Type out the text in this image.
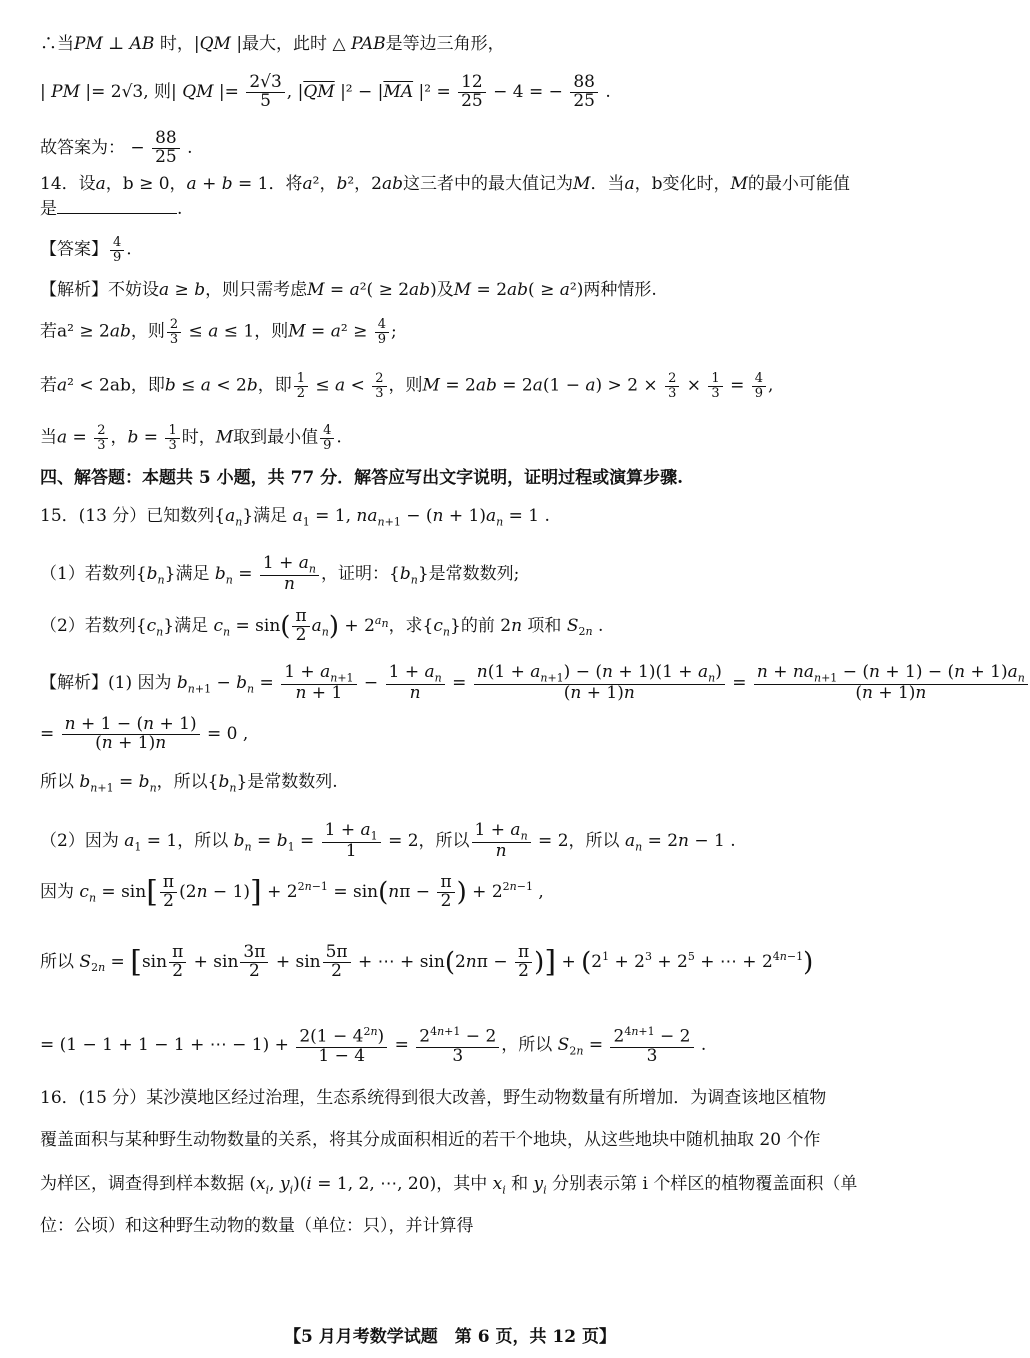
∴当PM ⊥ AB 时，|QM |最大，此时 △ PAB是等边三角形，
| PM |= 2√3, 则| QM |= $\frac{2√3}{5}$ , $|\overline{QM}$ $|^2 - |\overline{MA}$ $|^2 = \frac{12}{25} - 4$ = − $\frac{88}{25}$ .
故答案为： − $\frac{88}{25}$ .
14．设a，b ≥ 0，a + b = 1．将a²，b²，2ab这三者中的最大值记为M．当a，b变化时，M的最小可能值
是	.
【答案】 $\frac{4}{9}$ .
【解析】不妨设a ≥ b，则只需考虑M = a²( ≥ 2ab)及M = 2ab( ≥ a²)两种情形.
若a² ≥ 2ab，则 $\frac{2}{3} \le a \le 1$，则$M = a^2 \ge \frac{4}{9}$ ;
若a² < 2ab，即b ≤ a < 2b，即 $\frac{1}{2} \le a < \frac{2}{3}$ ，则$M = 2ab = 2a(1 - a) > 2 \times \frac{2}{3} \times \frac{1}{3} = \frac{4}{9}$ ,
当$a = \frac{2}{3}$ ，$b = \frac{1}{3}$ 时，M取到最小值 $\frac{4}{9}$ .
四、解答题：本题共 5 小题，共 77 分．解答应写出文字说明，证明过程或演算步骤.
15．(13 分）已知数列$\{a_n\}$满足 $a_1 = 1$, $na_{n+1} - (n + 1)a_n = 1$ .
（1）若数列$\{b_n\}$满足 $b_n = \frac{1 + a_n}{n}$ ，证明：$\{b_n\}$是常数数列;
（2）若数列$\{c_n\}$满足 $c_n = \sin( \frac{\pi}{2} a_n) + 2^{a_n}$，求$\{c_n\}$的前 2n 项和 $S_{2n}$ .
【解析】(1) 因为 $b_{n+1} - b_n = \frac{1 + a_{n+1}}{n + 1} - \frac{1 + a_n}{n} = \frac{n(1 + a_{n+1}) - (n + 1)(1 + a_n)}{(n + 1)n} = \frac{n + na_{n+1} - (n + 1) - (n + 1)a_n}{(n + 1)n}$
= $\frac{n + 1 - (n + 1)}{(n + 1)n} = 0$ ,
所以 $b_{n+1} = b_n$，所以$\{b_n\}$是常数数列.
（2）因为 $a_1 = 1$，所以 $b_n = b_1 = \frac{1 + a_1}{1} = 2$，所以 $\frac{1 + a_n}{n} = 2$，所以 $a_n = 2n - 1$ .
因为 $c_n = \sin[ \frac{\pi}{2} (2n - 1)] + 2^{2n-1} = \sin(n\pi - \frac{\pi}{2}$ ) + $2^{2n-1}$ ,
所以 $S_{2n} = [\sin \frac{\pi}{2} + \sin \frac{3\pi}{2} + \sin \frac{5\pi}{2}$ + ⋯ + $\sin(2n\pi - \frac{\pi}{2}$ )] + ($2^1 + 2^3 + 2^5$ + ⋯ + $2^{4n-1}$)
= (1 − 1 + 1 − 1 + ⋯ − $1) + \frac{2(1 - 4^{2n})}{1 - 4} = \frac{2^{4n+1} - 2}{3}$ ，所以 $S_{2n} = \frac{2^{4n+1} - 2}{3}$ .
16．(15 分）某沙漠地区经过治理，生态系统得到很大改善，野生动物数量有所增加．为调查该地区植物
覆盖面积与某种野生动物数量的关系，将其分成面积相近的若干个地块，从这些地块中随机抽取 20 个作
为样区，调查得到样本数据 ($x_i$, $y_i)(i = 1$, 2, ⋯, 20)，其中 $x_i$ 和 $y_i$ 分别表示第 i 个样区的植物覆盖面积（单
位：公顷）和这种野生动物的数量（单位：只），并计算得
【5 月月考数学试题　第 6 页，共 12 页】
